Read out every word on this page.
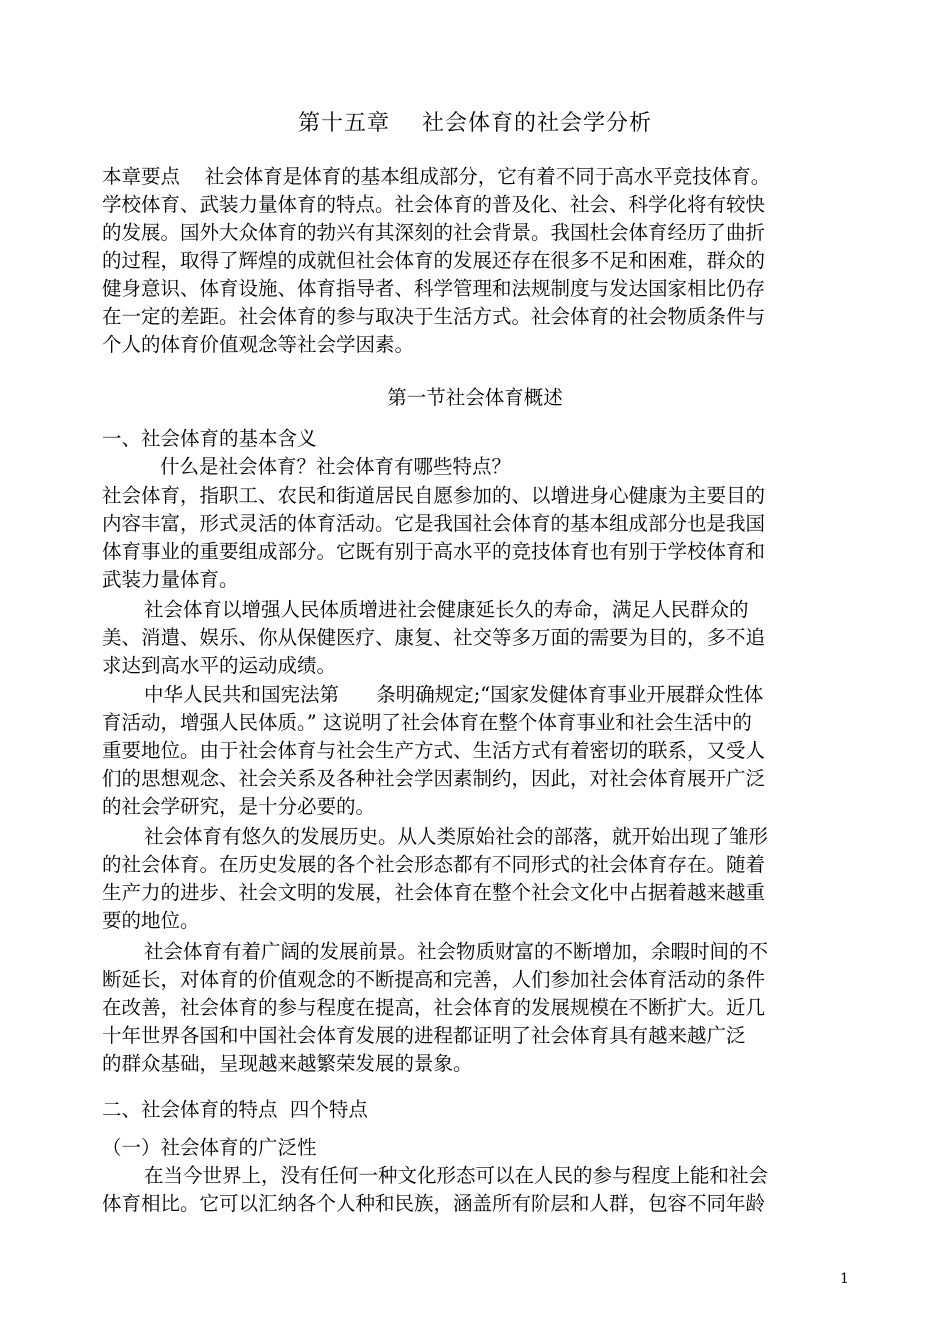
第十五章    社会体育的社会学分析
本章要点    社会体育是体育的基本组成部分，它有着不同于高水平竞技体育。
学校体育、武装力量体育的特点。社会体育的普及化、社会、科学化将有较快
的发展。国外大众体育的勃兴有其深刻的社会背景。我国杜会体育经历了曲折
的过程，取得了辉煌的成就但社会体育的发展还存在很多不足和困难，群众的
健身意识、体育设施、体育指导者、科学管理和法规制度与发达国家相比仍存
在一定的差距。社会体育的参与取决于生活方式。社会体育的社会物质条件与
个人的体育价值观念等社会学因素。
第一节社会体育概述
一、社会体育的基本含义
什么是社会体育？社会体育有哪些特点？
社会体育，指职工、农民和街道居民自愿参加的、以增进身心健康为主要目的
内容丰富，形式灵活的体育活动。它是我国社会体育的基本组成部分也是我国
体育事业的重要组成部分。它既有别于高水平的竞技体育也有别于学校体育和
武装力量体育。
社会体育以增强人民体质增进社会健康延长久的寿命，满足人民群众的
美、消遣、娱乐、你从保健医疗、康复、社交等多万面的需要为目的，多不追
求达到高水平的运动成绩。
中华人民共和国宪法第      条明确规定;“国家发健体育事业开展群众性体
育活动，增强人民体质。” 这说明了社会体育在整个体育事业和社会生活中的
重要地位。由于社会体育与社会生产方式、生活方式有着密切的联系，又受人
们的思想观念、社会关系及各种社会学因素制约，因此，对社会体育展开广泛
的社会学研究，是十分必要的。
社会体育有悠久的发展历史。从人类原始社会的部落，就开始出现了雏形
的社会体育。在历史发展的各个社会形态都有不同形式的社会体育存在。随着
生产力的进步、社会文明的发展，社会体育在整个社会文化中占据着越来越重
要的地位。
社会体育有着广阔的发展前景。社会物质财富的不断增加，余暇时间的不
断延长，对体育的价值观念的不断提高和完善，人们参加社会体育活动的条件
在改善，社会体育的参与程度在提高，社会体育的发展规模在不断扩大。近几
十年世界各国和中国社会体育发展的进程都证明了社会体育具有越来越广泛
的群众基础，呈现越来越繁荣发展的景象。
二、社会体育的特点  四个特点
（一）社会体育的广泛性
在当今世界上，没有任何一种文化形态可以在人民的参与程度上能和社会
体育相比。它可以汇纳各个人种和民族，涵盖所有阶层和人群，包容不同年龄
1
